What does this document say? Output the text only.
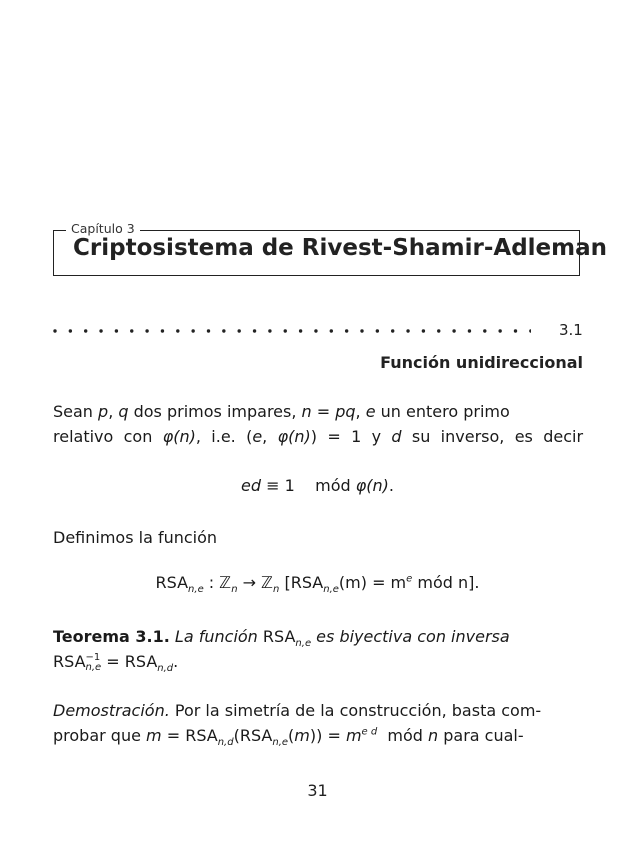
Capítulo 3
Criptosistema de Rivest-Shamir-Adleman
3.1
Función unidireccional
Sean p, q dos primos impares, n = pq, e un entero primo
relativo con φ(n), i.e. (e, φ(n)) = 1 y d su inverso, es decir
ed ≡ 1    mód φ(n).
Definimos la función
$RSA_{n,e}$ : ℤ$_n$ → ℤ$_n$ [$RSA_{n,e}(m) = m^e$ mód n].
Teorema 3.1. La función $RSA_{n,e}$ es biyectiva con inversa
RSA −1
$n,e = RSA_{n,d}$.
Demostración. Por la simetría de la construcción, basta com-
probar que $m = RSA_{n,d}(RSA_{n,e}(m)) = m^{e d}$  mód n para cual-
31
